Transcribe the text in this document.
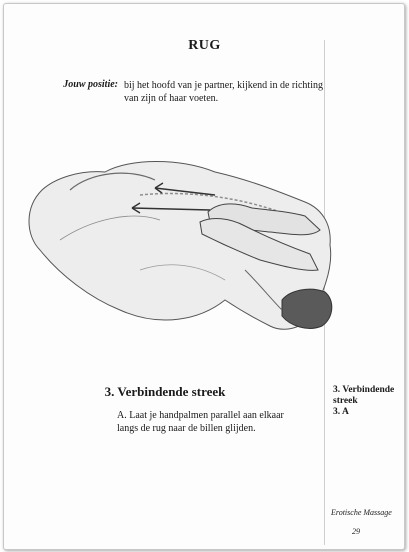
RUG
Jouw positie: bij het hoofd van je partner, kijkend in de richting van zijn of haar voeten.
3. Verbindende streek
A. Laat je handpalmen parallel aan elkaar langs de rug naar de billen glijden.
3. Verbindende streek
3. A
Erotische Massage
29
